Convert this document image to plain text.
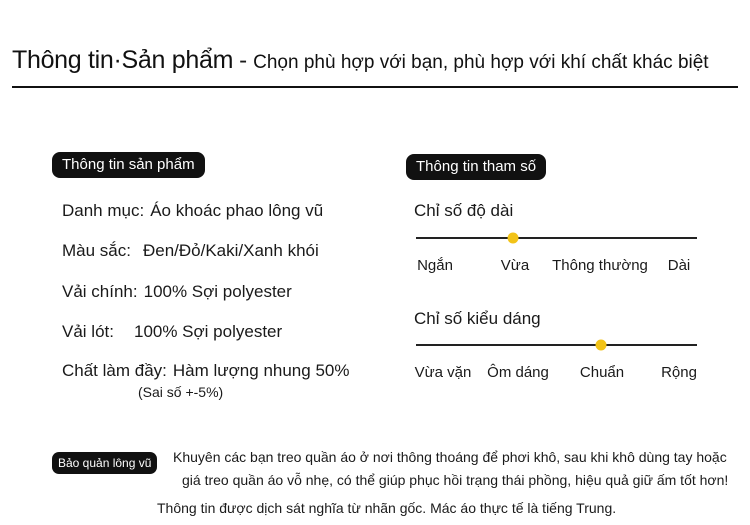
Thông tin·Sản phẩm - Chọn phù hợp với bạn, phù hợp với khí chất khác biệt
Thông tin sản phẩm
Danh mục: Áo khoác phao lông vũ
Màu sắc: Đen/Đỏ/Kaki/Xanh khói
Vải chính: 100% Sợi polyester
Vải lót: 100% Sợi polyester
Chất làm đầy: Hàm lượng nhung 50%
(Sai số +-5%)
Thông tin tham số
Chỉ số độ dài
Ngắn	Vừa Thông thường Dài
Chỉ số kiểu dáng
Vừa vặn Ôm dáng Chuẩn Rộng
Bảo quản lông vũ	Khuyên các bạn treo quần áo ở nơi thông thoáng để phơi khô, sau khi khô dùng tay hoặc
giá treo quần áo vỗ nhẹ, có thể giúp phục hồi trạng thái phồng, hiệu quả giữ ấm tốt hơn!
Thông tin được dịch sát nghĩa từ nhãn gốc. Mác áo thực tế là tiếng Trung.
